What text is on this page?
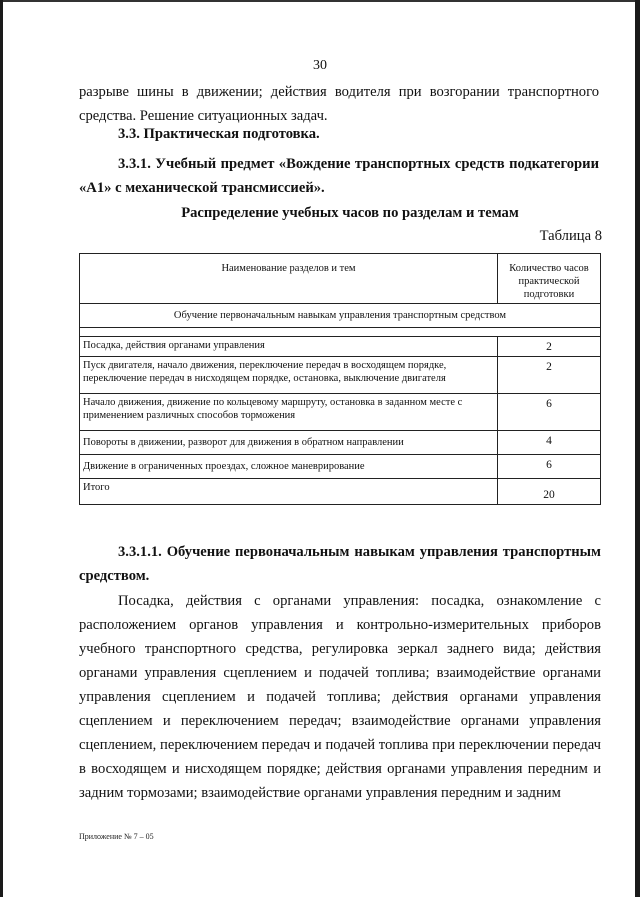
30
разрыве шины в движении; действия водителя при возгорании транспортного средства. Решение ситуационных задач.
3.3. Практическая подготовка.
3.3.1. Учебный предмет «Вождение транспортных средств подкатегории «А1» с механической трансмиссией».
Распределение учебных часов по разделам и темам
Таблица 8
Наименование разделов и тем	Количество часов практической подготовки
Обучение первоначальным навыкам управления транспортным средством	

Посадка, действия органами управления	2
Пуск двигателя, начало движения, переключение передач в восходящем порядке, переключение передач в нисходящем порядке, остановка, выключение двигателя	2
Начало движения, движение по кольцевому маршруту, остановка в заданном месте с применением различных способов торможения	6
Повороты в движении, разворот для движения в обратном направлении	4
Движение в ограниченных проездах, сложное маневрирование	6
Итого	20
3.3.1.1. Обучение первоначальным навыкам управления транспортным средством.
Посадка, действия с органами управления: посадка, ознакомление с расположением органов управления и контрольно-измерительных приборов учебного транспортного средства, регулировка зеркал заднего вида; действия органами управления сцеплением и подачей топлива; взаимодействие органами управления сцеплением и подачей топлива; действия органами управления сцеплением и переключением передач; взаимодействие органами управления сцеплением, переключением передач и подачей топлива при переключении передач в восходящем и нисходящем порядке; действия органами управления передним и задним тормозами; взаимодействие органами управления передним и задним
Приложение № 7 – 05
